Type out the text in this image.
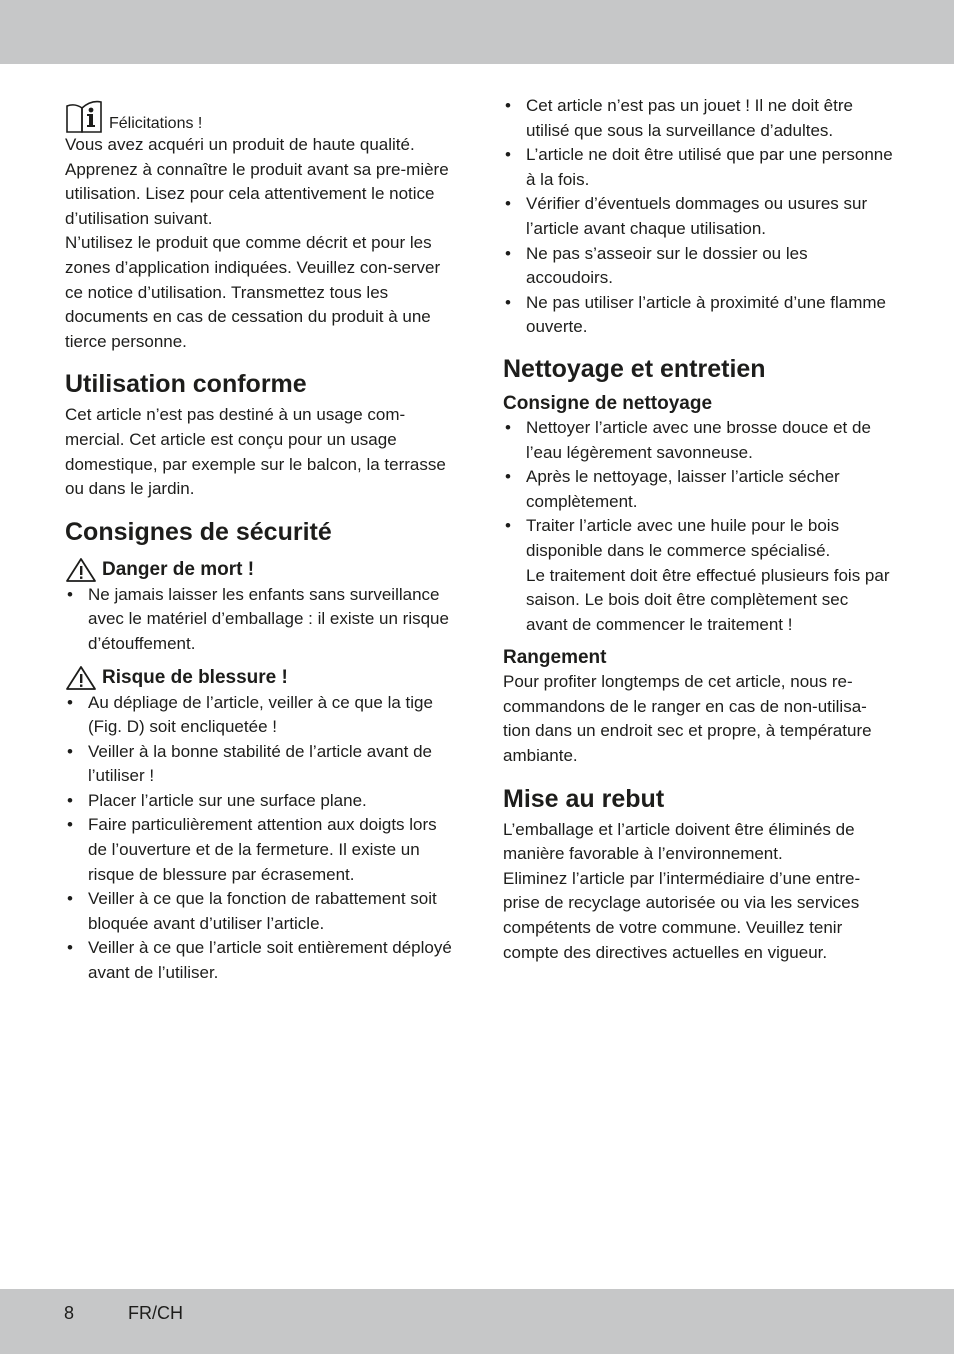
Félicitations !

Vous avez acquéri un produit de haute qualité. Apprenez à connaître le produit avant sa pre-mière utilisation. Lisez pour cela attentivement le notice d’utilisation suivant.

N’utilisez le produit que comme décrit et pour les zones d’application indiquées. Veuillez con-server ce notice d’utilisation. Transmettez tous les documents en cas de cessation du produit à une tierce personne.

Utilisation conforme

Cet article n’est pas destiné à un usage com-mercial. Cet article est conçu pour un usage domestique, par exemple sur le balcon, la terrasse ou dans le jardin.

Consignes de sécurité
Danger de mort !
• Ne jamais laisser les enfants sans surveillance avec le matériel d’emballage : il existe un risque d’étouffement.
Risque de blessure !
• Au dépliage de l’article, veiller à ce que la tige (Fig. D) soit encliquetée !
• Veiller à la bonne stabilité de l’article avant de l’utiliser !
• Placer l’article sur une surface plane.
• Faire particulièrement attention aux doigts lors de l’ouverture et de la fermeture. Il existe un risque de blessure par écrasement.
• Veiller à ce que la fonction de rabattement soit bloquée avant d’utiliser l’article.
• Veiller à ce que l’article soit entièrement déployé avant de l’utiliser.
• Cet article n’est pas un jouet ! Il ne doit être utilisé que sous la surveillance d’adultes.
• L’article ne doit être utilisé que par une personne à la fois.
• Vérifier d’éventuels dommages ou usures sur l’article avant chaque utilisation.
• Ne pas s’asseoir sur le dossier ou les accoudoirs.
• Ne pas utiliser l’article à proximité d’une flamme ouverte.
Nettoyage et entretien
Consigne de nettoyage
• Nettoyer l’article avec une brosse douce et de l’eau légèrement savonneuse.
• Après le nettoyage, laisser l’article sécher complètement.
• Traiter l’article avec une huile pour le bois disponible dans le commerce spécialisé.
Le traitement doit être effectué plusieurs fois par saison. Le bois doit être complètement sec avant de commencer le traitement !
Rangement

Pour profiter longtemps de cet article, nous re-commandons de le ranger en cas de non-utilisa-tion dans un endroit sec et propre, à température ambiante.

Mise au rebut

L’emballage et l’article doivent être éliminés de manière favorable à l’environnement.

Eliminez l’article par l’intermédiaire d’une entre-prise de recyclage autorisée ou via les services compétents de votre commune. Veuillez tenir compte des directives actuelles en vigueur.

8	FR/CH
